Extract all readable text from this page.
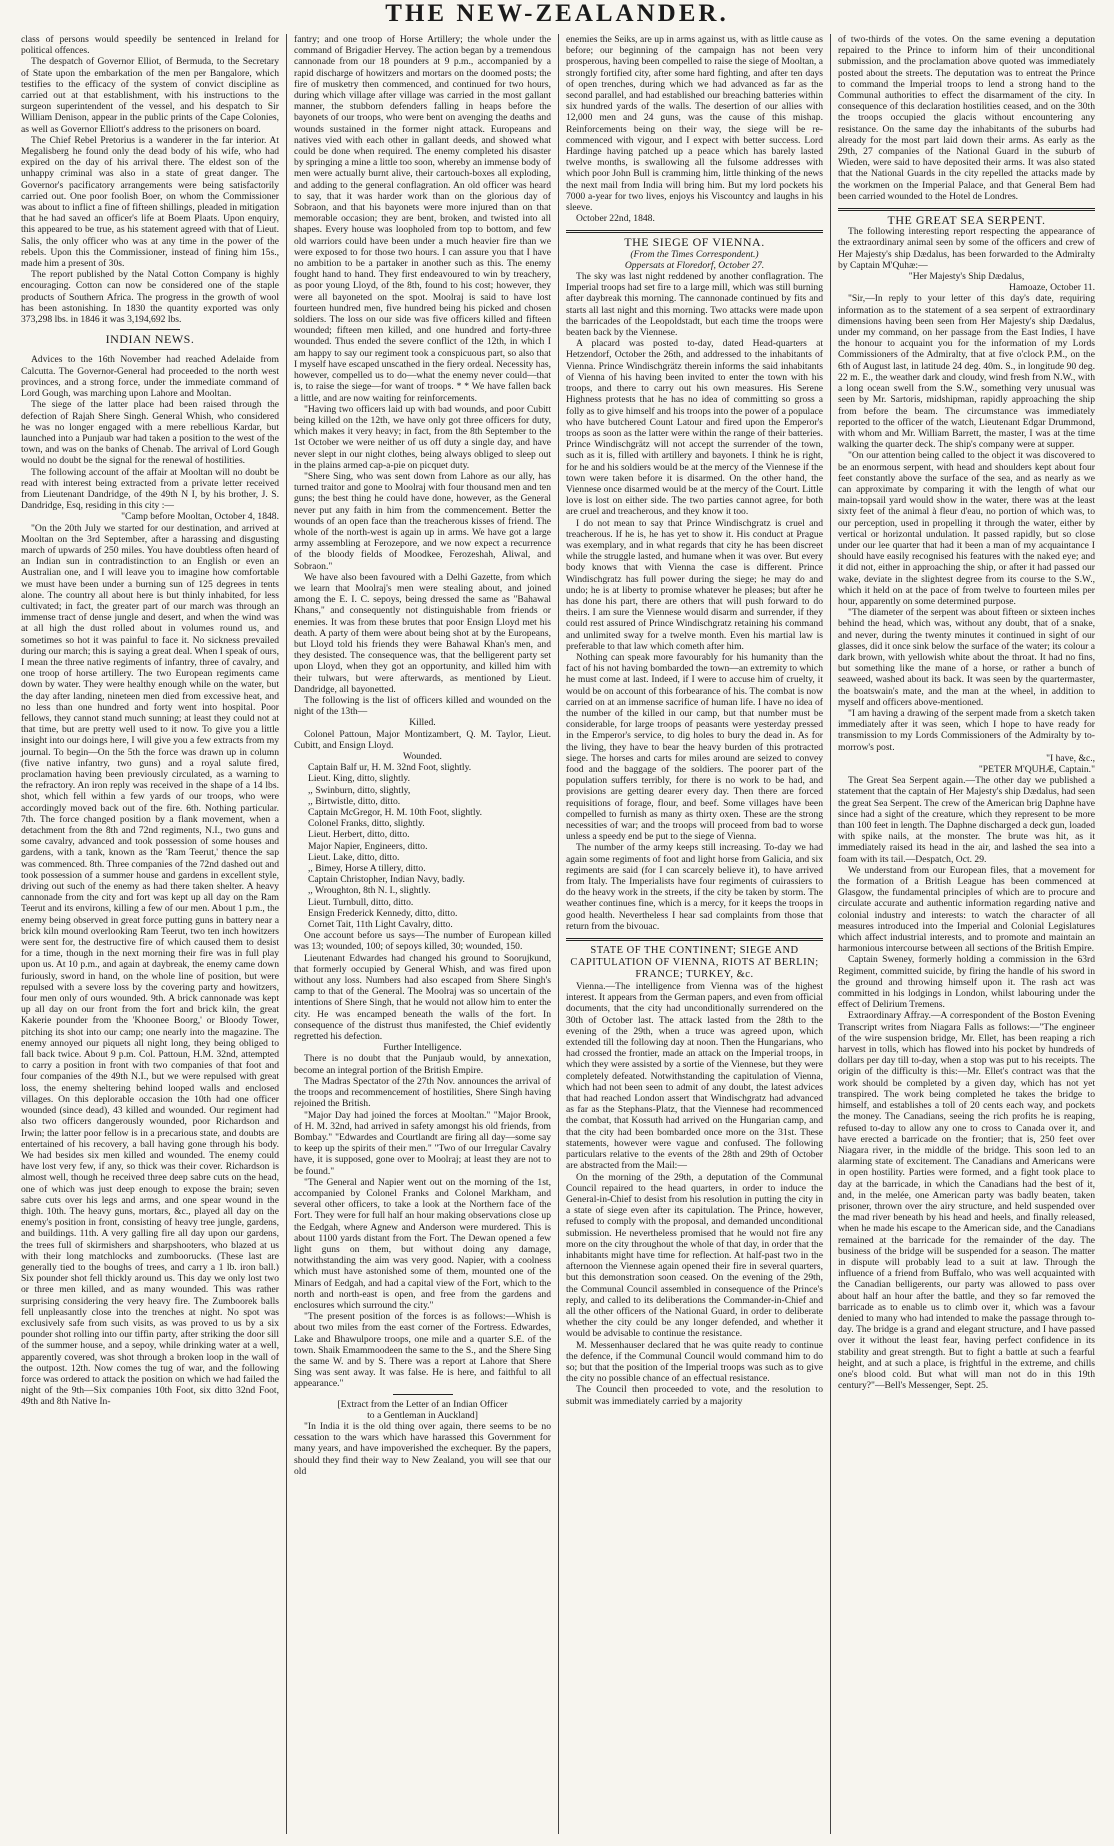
THE NEW-ZEALANDER.

class of persons would speedily be sentenced in Ireland for political offences.

The despatch of Governor Elliot, of Bermuda, to the Secretary of State upon the embarkation of the men per Bangalore, which testifies to the efficacy of the system of convict discipline as carried out at that establishment, with his instructions to the surgeon superintendent of the vessel, and his despatch to Sir William Denison, appear in the public prints of the Cape Colonies, as well as Governor Elliott's address to the prisoners on board.

The Chief Rebel Pretorius is a wanderer in the far interior. At Megalisberg he found only the dead body of his wife, who had expired on the day of his arrival there. The eldest son of the unhappy criminal was also in a state of great danger. The Governor's pacificatory arrangements were being satisfactorily carried out. One poor foolish Boer, on whom the Commissioner was about to inflict a fine of fifteen shillings, pleaded in mitigation that he had saved an officer's life at Boem Plaats. Upon enquiry, this appeared to be true, as his statement agreed with that of Lieut. Salis, the only officer who was at any time in the power of the rebels. Upon this the Commissioner, instead of fining him 15s., made him a present of 30s.

The report published by the Natal Cotton Company is highly encouraging. Cotton can now be considered one of the staple products of Southern Africa. The progress in the growth of wool has been astonishing. In 1830 the quantity exported was only 373,298 lbs. in 1846 it was 3,194,692 lbs.

INDIAN NEWS.

Advices to the 16th November had reached Adelaide from Calcutta. The Governor-General had proceeded to the north west provinces, and a strong force, under the immediate command of Lord Gough, was marching upon Lahore and Mooltan.

The siege of the latter place had been raised through the defection of Rajah Shere Singh. General Whish, who considered he was no longer engaged with a mere rebellious Kardar, but launched into a Punjaub war had taken a position to the west of the town, and was on the banks of Chenab. The arrival of Lord Gough would no doubt be the signal for the renewal of hostilities.

The following account of the affair at Mooltan will no doubt be read with interest being extracted from a private letter received from Lieutenant Dandridge, of the 49th N I, by his brother, J. S. Dandridge, Esq, residing in this city :—

"Camp before Mooltan, October 4, 1848.

"On the 20th July we started for our destination, and arrived at Mooltan on the 3rd September, after a harassing and disgusting march of upwards of 250 miles. You have doubtless often heard of an Indian sun in contradistinction to an English or even an Australian one, and I will leave you to imagine how comfortable we must have been under a burning sun of 125 degrees in tents alone. The country all about here is but thinly inhabited, for less cultivated; in fact, the greater part of our march was through an immense tract of dense jungle and desert, and when the wind was at all high the dust rolled about in volumes round us, and sometimes so hot it was painful to face it. No sickness prevailed during our march; this is saying a great deal. When I speak of ours, I mean the three native regiments of infantry, three of cavalry, and one troop of horse artillery. The two European regiments came down by water. They were healthy enough while on the water, but the day after landing, nineteen men died from excessive heat, and no less than one hundred and forty went into hospital. Poor fellows, they cannot stand much sunning; at least they could not at that time, but are pretty well used to it now. To give you a little insight into our doings here, I will give you a few extracts from my journal. To begin—On the 5th the force was drawn up in column (five native infantry, two guns) and a royal salute fired, proclamation having been previously circulated, as a warning to the refractory. An iron reply was received in the shape of a 14 lbs. shot, which fell within a few yards of our troops, who were accordingly moved back out of the fire. 6th. Nothing particular. 7th. The force changed position by a flank movement, when a detachment from the 8th and 72nd regiments, N.I., two guns and some cavalry, advanced and took possession of some houses and gardens, with a tank, known as the 'Ram Teerut,' thence the sap was commenced. 8th. Three companies of the 72nd dashed out and took possession of a summer house and gardens in excellent style, driving out such of the enemy as had there taken shelter. A heavy cannonade from the city and fort was kept up all day on the Ram Teerut and its environs, killing a few of our men. About 1 p.m., the enemy being observed in great force putting guns in battery near a brick kiln mound overlooking Ram Teerut, two ten inch howitzers were sent for, the destructive fire of which caused them to desist for a time, though in the next morning their fire was in full play upon us. At 10 p.m., and again at daybreak, the enemy came down furiously, sword in hand, on the whole line of position, but were repulsed with a severe loss by the covering party and howitzers, four men only of ours wounded. 9th. A brick cannonade was kept up all day on our front from the fort and brick kiln, the great Kakerie pounder from the 'Khoonee Boorg,' or Bloody Tower, pitching its shot into our camp; one nearly into the magazine. The enemy annoyed our piquets all night long, they being obliged to fall back twice. About 9 p.m. Col. Pattoun, H.M. 32nd, attempted to carry a position in front with two companies of that foot and four companies of the 49th N.I., but we were repulsed with great loss, the enemy sheltering behind looped walls and enclosed villages. On this deplorable occasion the 10th had one officer wounded (since dead), 43 killed and wounded. Our regiment had also two officers dangerously wounded, poor Richardson and Irwin; the latter poor fellow is in a precarious state, and doubts are entertained of his recovery, a ball having gone through his body. We had besides six men killed and wounded. The enemy could have lost very few, if any, so thick was their cover. Richardson is almost well, though he received three deep sabre cuts on the head, one of which was just deep enough to expose the brain; seven sabre cuts over his legs and arms, and one spear wound in the thigh. 10th. The heavy guns, mortars, &c., played all day on the enemy's position in front, consisting of heavy tree jungle, gardens, and buildings. 11th. A very galling fire all day upon our gardens, the trees full of skirmishers and sharpshooters, who blazed at us with their long matchlocks and zumboorucks. (These last are generally tied to the boughs of trees, and carry a 1 lb. iron ball.) Six pounder shot fell thickly around us. This day we only lost two or three men killed, and as many wounded. This was rather surprising considering the very heavy fire. The Zumboorek balls fell unpleasantly close into the trenches at night. No spot was exclusively safe from such visits, as was proved to us by a six pounder shot rolling into our tiffin party, after striking the door sill of the summer house, and a sepoy, while drinking water at a well, apparently covered, was shot through a broken loop in the wall of the outpost. 12th. Now comes the tug of war, and the following force was ordered to attack the position on which we had failed the night of the 9th—Six companies 10th Foot, six ditto 32nd Foot, 49th and 8th Native In-

fantry; and one troop of Horse Artillery; the whole under the command of Brigadier Hervey. The action began by a tremendous cannonade from our 18 pounders at 9 p.m., accompanied by a rapid discharge of howitzers and mortars on the doomed posts; the fire of musketry then commenced, and continued for two hours, during which village after village was carried in the most gallant manner, the stubborn defenders falling in heaps before the bayonets of our troops, who were bent on avenging the deaths and wounds sustained in the former night attack. Europeans and natives vied with each other in gallant deeds, and showed what could be done when required. The enemy completed his disaster by springing a mine a little too soon, whereby an immense body of men were actually burnt alive, their cartouch-boxes all exploding, and adding to the general conflagration. An old officer was heard to say, that it was harder work than on the glorious day of Sobraon, and that his bayonets were more injured than on that memorable occasion; they are bent, broken, and twisted into all shapes. Every house was loopholed from top to bottom, and few old warriors could have been under a much heavier fire than we were exposed to for those two hours. I can assure you that I have no ambition to be a partaker in another such as this. The enemy fought hand to hand. They first endeavoured to win by treachery, as poor young Lloyd, of the 8th, found to his cost; however, they were all bayoneted on the spot. Moolraj is said to have lost fourteen hundred men, five hundred being his picked and chosen soldiers. The loss on our side was five officers killed and fifteen wounded; fifteen men killed, and one hundred and forty-three wounded. Thus ended the severe conflict of the 12th, in which I am happy to say our regiment took a conspicuous part, so also that I myself have escaped unscathed in the fiery ordeal. Necessity has, however, compelled us to do—what the enemy never could—that is, to raise the siege—for want of troops. * * We have fallen back a little, and are now waiting for reinforcements.

"Having two officers laid up with bad wounds, and poor Cubitt being killed on the 12th, we have only got three officers for duty, which makes it very heavy; in fact, from the 8th September to the 1st October we were neither of us off duty a single day, and have never slept in our night clothes, being always obliged to sleep out in the plains armed cap-a-pie on picquet duty.

"Shere Sing, who was sent down from Lahore as our ally, has turned traitor and gone to Moolraj with four thousand men and ten guns; the best thing he could have done, however, as the General never put any faith in him from the commencement. Better the wounds of an open face than the treacherous kisses of friend. The whole of the north-west is again up in arms. We have got a large army assembling at Ferozepore, and we now expect a recurrence of the bloody fields of Moodkee, Ferozeshah, Aliwal, and Sobraon."

We have also been favoured with a Delhi Gazette, from which we learn that Moolraj's men were stealing about, and joined among the E. I. C. sepoys, being dressed the same as "Bahawal Khans," and consequently not distinguishable from friends or enemies. It was from these brutes that poor Ensign Lloyd met his death. A party of them were about being shot at by the Europeans, but Lloyd told his friends they were Bahawal Khan's men, and they desisted. The consequence was, that the belligerent party set upon Lloyd, when they got an opportunity, and killed him with their tulwars, but were afterwards, as mentioned by Lieut. Dandridge, all bayonetted.

The following is the list of officers killed and wounded on the night of the 13th—

Killed.

Colonel Pattoun, Major Montizambert, Q. M. Taylor, Lieut. Cubitt, and Ensign Lloyd.

Wounded.

Captain Balf ur, H. M. 32nd Foot, slightly.

Lieut. King, ditto, slightly.

,, Swinburn, ditto, slightly,

,, Birtwistle, ditto, ditto.

Captain McGregor, H. M. 10th Foot, slightly.

Colonel Franks, ditto, slightly.

Lieut. Herbert, ditto, ditto.

Major Napier, Engineers, ditto.

Lieut. Lake, ditto, ditto.

,, Bimey, Horse A tillery, ditto.

Captain Christopher, Indian Navy, badly.

,, Wroughton, 8th N. I., slightly.

Lieut. Turnbull, ditto, ditto.

Ensign Frederick Kennedy, ditto, ditto.

Cornet Tait, 11th Light Cavalry, ditto.

One account before us says—The number of European killed was 13; wounded, 100; of sepoys killed, 30; wounded, 150.

Lieutenant Edwardes had changed his ground to Soorujkund, that formerly occupied by General Whish, and was fired upon without any loss. Numbers had also escaped from Shere Singh's camp to that of the General. The Moolraj was so uncertain of the intentions of Shere Singh, that he would not allow him to enter the city. He was encamped beneath the walls of the fort. In consequence of the distrust thus manifested, the Chief evidently regretted his defection.

Further Intelligence.

There is no doubt that the Punjaub would, by annexation, become an integral portion of the British Empire.

The Madras Spectator of the 27th Nov. announces the arrival of the troops and recommencement of hostilities, Shere Singh having rejoined the British.

"Major Day had joined the forces at Mooltan." "Major Brook, of H. M. 32nd, had arrived in safety amongst his old friends, from Bombay." "Edwardes and Courtlandt are firing all day—some say to keep up the spirits of their men." "Two of our Irregular Cavalry have, it is supposed, gone over to Moolraj; at least they are not to be found."

"The General and Napier went out on the morning of the 1st, accompanied by Colonel Franks and Colonel Markham, and several other officers, to take a look at the Northern face of the Fort. They were for full half an hour making observations close up the Eedgah, where Agnew and Anderson were murdered. This is about 1100 yards distant from the Fort. The Dewan opened a few light guns on them, but without doing any damage, notwithstanding the aim was very good. Napier, with a coolness which must have astonished some of them, mounted one of the Minars of Eedgah, and had a capital view of the Fort, which to the north and north-east is open, and free from the gardens and enclosures which surround the city."

"The present position of the forces is as follows:—Whish is about two miles from the east corner of the Fortress. Edwardes, Lake and Bhawulpore troops, one mile and a quarter S.E. of the town. Shaik Emammoodeen the same to the S., and the Shere Sing the same W. and by S. There was a report at Lahore that Shere Sing was sent away. It was false. He is here, and faithful to all appearance."

[Extract from the Letter of an Indian Officer

to a Gentleman in Auckland]

"In India it is the old thing over again, there seems to be no cessation to the wars which have harassed this Government for many years, and have impoverished the exchequer. By the papers, should they find their way to New Zealand, you will see that our old

enemies the Seiks, are up in arms against us, with as little cause as before; our beginning of the campaign has not been very prosperous, having been compelled to raise the siege of Mooltan, a strongly fortified city, after some hard fighting, and after ten days of open trenches, during which we had advanced as far as the second parallel, and had established our breaching batteries within six hundred yards of the walls. The desertion of our allies with 12,000 men and 24 guns, was the cause of this mishap. Reinforcements being on their way, the siege will be re-commenced with vigour, and I expect with better success. Lord Hardinge having patched up a peace which has barely lasted twelve months, is swallowing all the fulsome addresses with which poor John Bull is cramming him, little thinking of the news the next mail from India will bring him. But my lord pockets his 7000 a-year for two lives, enjoys his Viscountcy and laughs in his sleeve.

October 22nd, 1848.

THE SIEGE OF VIENNA.

(From the Times Correspondent.)

Oppersats at Floredorf, October 27.

The sky was last night reddened by another conflagration. The Imperial troops had set fire to a large mill, which was still burning after daybreak this morning. The cannonade continued by fits and starts all last night and this morning. Two attacks were made upon the barricades of the Leopoldstadt, but each time the troops were beaten back by the Viennese.

A placard was posted to-day, dated Head-quarters at Hetzendorf, October the 26th, and addressed to the inhabitants of Vienna. Prince Windischgrätz therein informs the said inhabitants of Vienna of his having been invited to enter the town with his troops, and there to carry out his own measures. His Serene Highness protests that he has no idea of committing so gross a folly as to give himself and his troops into the power of a populace who have butchered Count Latour and fired upon the Emperor's troops as soon as the latter were within the range of their batteries. Prince Windischgrätz will not accept the surrender of the town, such as it is, filled with artillery and bayonets. I think he is right, for he and his soldiers would be at the mercy of the Viennese if the town were taken before it is disarmed. On the other hand, the Viennese once disarmed would be at the mercy of the Court. Little love is lost on either side. The two parties cannot agree, for both are cruel and treacherous, and they know it too.

I do not mean to say that Prince Windischgratz is cruel and treacherous. If he is, he has yet to show it. His conduct at Prague was exemplary, and in what regards that city he has been discreet while the struggle lasted, and humane when it was over. But every body knows that with Vienna the case is different. Prince Windischgratz has full power during the siege; he may do and undo; he is at liberty to promise whatever he pleases; but after he has done his part, there are others that will push forward to do theirs. I am sure the Viennese would disarm and surrender, if they could rest assured of Prince Windischgratz retaining his command and unlimited sway for a twelve month. Even his martial law is preferable to that law which cometh after him.

Nothing can speak more favourably for his humanity than the fact of his not having bombarded the town—an extremity to which he must come at last. Indeed, if I were to accuse him of cruelty, it would be on account of this forbearance of his. The combat is now carried on at an immense sacrifice of human life. I have no idea of the number of the killed in our camp, but that number must be considerable, for large troops of peasants were yesterday pressed in the Emperor's service, to dig holes to bury the dead in. As for the living, they have to bear the heavy burden of this protracted siege. The horses and carts for miles around are seized to convey food and the baggage of the soldiers. The poorer part of the population suffers terribly, for there is no work to be had, and provisions are getting dearer every day. Then there are forced requisitions of forage, flour, and beef. Some villages have been compelled to furnish as many as thirty oxen. These are the strong necessities of war; and the troops will proceed from bad to worse unless a speedy end be put to the siege of Vienna.

The number of the army keeps still increasing. To-day we had again some regiments of foot and light horse from Galicia, and six regiments are said (for I can scarcely believe it), to have arrived from Italy. The Imperialists have four regiments of cuirassiers to do the heavy work in the streets, if the city be taken by storm. The weather continues fine, which is a mercy, for it keeps the troops in good health. Nevertheless I hear sad complaints from those that return from the bivouac.

STATE OF THE CONTINENT; SIEGE AND CAPITULATION OF VIENNA, RIOTS AT BERLIN; FRANCE; TURKEY, &c.

Vienna.—The intelligence from Vienna was of the highest interest. It appears from the German papers, and even from official documents, that the city had unconditionally surrendered on the 30th of October last. The attack lasted from the 28th to the evening of the 29th, when a truce was agreed upon, which extended till the following day at noon. Then the Hungarians, who had crossed the frontier, made an attack on the Imperial troops, in which they were assisted by a sortie of the Viennese, but they were completely defeated. Notwithstanding the capitulation of Vienna, which had not been seen to admit of any doubt, the latest advices that had reached London assert that Windischgratz had advanced as far as the Stephans-Platz, that the Viennese had recommenced the combat, that Kossuth had arrived on the Hungarian camp, and that the city had been bombarded once more on the 31st. These statements, however were vague and confused. The following particulars relative to the events of the 28th and 29th of October are abstracted from the Mail:—

On the morning of the 29th, a deputation of the Communal Council repaired to the head quarters, in order to induce the General-in-Chief to desist from his resolution in putting the city in a state of siege even after its capitulation. The Prince, however, refused to comply with the proposal, and demanded unconditional submission. He nevertheless promised that he would not fire any more on the city throughout the whole of that day, in order that the inhabitants might have time for reflection. At half-past two in the afternoon the Viennese again opened their fire in several quarters, but this demonstration soon ceased. On the evening of the 29th, the Communal Council assembled in consequence of the Prince's reply, and called to its deliberations the Commander-in-Chief and all the other officers of the National Guard, in order to deliberate whether the city could be any longer defended, and whether it would be advisable to continue the resistance.

M. Messenhauser declared that he was quite ready to continue the defence, if the Communal Council would command him to do so; but that the position of the Imperial troops was such as to give the city no possible chance of an effectual resistance.

The Council then proceeded to vote, and the resolution to submit was immediately carried by a majority

of two-thirds of the votes. On the same evening a deputation repaired to the Prince to inform him of their unconditional submission, and the proclamation above quoted was immediately posted about the streets. The deputation was to entreat the Prince to command the Imperial troops to lend a strong hand to the Communal authorities to effect the disarmament of the city. In consequence of this declaration hostilities ceased, and on the 30th the troops occupied the glacis without encountering any resistance. On the same day the inhabitants of the suburbs had already for the most part laid down their arms. As early as the 29th, 27 companies of the National Guard in the suburb of Wieden, were said to have deposited their arms. It was also stated that the National Guards in the city repelled the attacks made by the workmen on the Imperial Palace, and that General Bem had been carried wounded to the Hotel de Londres.

THE GREAT SEA SERPENT.

The following interesting report respecting the appearance of the extraordinary animal seen by some of the officers and crew of Her Majesty's ship Dædalus, has been forwarded to the Admiralty by Captain M'Quhæ:—

"Her Majesty's Ship Dædalus,

Hamoaze, October 11.

"Sir,—In reply to your letter of this day's date, requiring information as to the statement of a sea serpent of extraordinary dimensions having been seen from Her Majesty's ship Dædalus, under my command, on her passage from the East Indies, I have the honour to acquaint you for the information of my Lords Commissioners of the Admiralty, that at five o'clock P.M., on the 6th of August last, in latitude 24 deg. 40m. S., in longitude 90 deg. 22 m. E., the weather dark and cloudy, wind fresh from N.W., with a long ocean swell from the S.W., something very unusual was seen by Mr. Sartoris, midshipman, rapidly approaching the ship from before the beam. The circumstance was immediately reported to the officer of the watch, Lieutenant Edgar Drummond, with whom and Mr. William Barrett, the master, I was at the time walking the quarter deck. The ship's company were at supper.

"On our attention being called to the object it was discovered to be an enormous serpent, with head and shoulders kept about four feet constantly above the surface of the sea, and as nearly as we can approximate by comparing it with the length of what our main-topsail yard would show in the water, there was at the least sixty feet of the animal à fleur d'eau, no portion of which was, to our perception, used in propelling it through the water, either by vertical or horizontal undulation. It passed rapidly, but so close under our lee quarter that had it been a man of my acquaintance I should have easily recognised his features with the naked eye; and it did not, either in approaching the ship, or after it had passed our wake, deviate in the slightest degree from its course to the S.W., which it held on at the pace of from twelve to fourteen miles per hour, apparently on some determined purpose.

"The diameter of the serpent was about fifteen or sixteen inches behind the head, which was, without any doubt, that of a snake, and never, during the twenty minutes it continued in sight of our glasses, did it once sink below the surface of the water; its colour a dark brown, with yellowish white about the throat. It had no fins, but something like the mane of a horse, or rather a bunch of seaweed, washed about its back. It was seen by the quartermaster, the boatswain's mate, and the man at the wheel, in addition to myself and officers above-mentioned.

"I am having a drawing of the serpent made from a sketch taken immediately after it was seen, which I hope to have ready for transmission to my Lords Commissioners of the Admiralty by to-morrow's post.

"I have, &c.,

"PETER M'QUHÆ, Captain."

The Great Sea Serpent again.—The other day we published a statement that the captain of Her Majesty's ship Dædalus, had seen the great Sea Serpent. The crew of the American brig Daphne have since had a sight of the creature, which they represent to be more than 100 feet in length. The Daphne discharged a deck gun, loaded with spike nails, at the monster. The brute was hit, as it immediately raised its head in the air, and lashed the sea into a foam with its tail.—Despatch, Oct. 29.

We understand from our European files, that a movement for the formation of a British League has been commenced at Glasgow, the fundamental principles of which are to procure and circulate accurate and authentic information regarding native and colonial industry and interests: to watch the character of all measures introduced into the Imperial and Colonial Legislatures which affect industrial interests, and to promote and maintain an harmonious intercourse between all sections of the British Empire.

Captain Sweney, formerly holding a commission in the 63rd Regiment, committed suicide, by firing the handle of his sword in the ground and throwing himself upon it. The rash act was committed in his lodgings in London, whilst labouring under the effect of Delirium Tremens.

Extraordinary Affray.—A correspondent of the Boston Evening Transcript writes from Niagara Falls as follows:—"The engineer of the wire suspension bridge, Mr. Ellet, has been reaping a rich harvest in tolls, which has flowed into his pocket by hundreds of dollars per day till to-day, when a stop was put to his receipts. The origin of the difficulty is this:—Mr. Ellet's contract was that the work should be completed by a given day, which has not yet transpired. The work being completed he takes the bridge to himself, and establishes a toll of 20 cents each way, and pockets the money. The Canadians, seeing the rich profits he is reaping, refused to-day to allow any one to cross to Canada over it, and have erected a barricade on the frontier; that is, 250 feet over Niagara river, in the middle of the bridge. This soon led to an alarming state of excitement. The Canadians and Americans were in open hostility. Parties were formed, and a fight took place to day at the barricade, in which the Canadians had the best of it, and, in the melée, one American party was badly beaten, taken prisoner, thrown over the airy structure, and held suspended over the mad river beneath by his head and heels, and finally released, when he made his escape to the American side, and the Canadians remained at the barricade for the remainder of the day. The business of the bridge will be suspended for a season. The matter in dispute will probably lead to a suit at law. Through the influence of a friend from Buffalo, who was well acquainted with the Canadian belligerents, our party was allowed to pass over about half an hour after the battle, and they so far removed the barricade as to enable us to climb over it, which was a favour denied to many who had intended to make the passage through to-day. The bridge is a grand and elegant structure, and I have passed over it without the least fear, having perfect confidence in its stability and great strength. But to fight a battle at such a fearful height, and at such a place, is frightful in the extreme, and chills one's blood cold. But what will man not do in this 19th century?"—Bell's Messenger, Sept. 25.
